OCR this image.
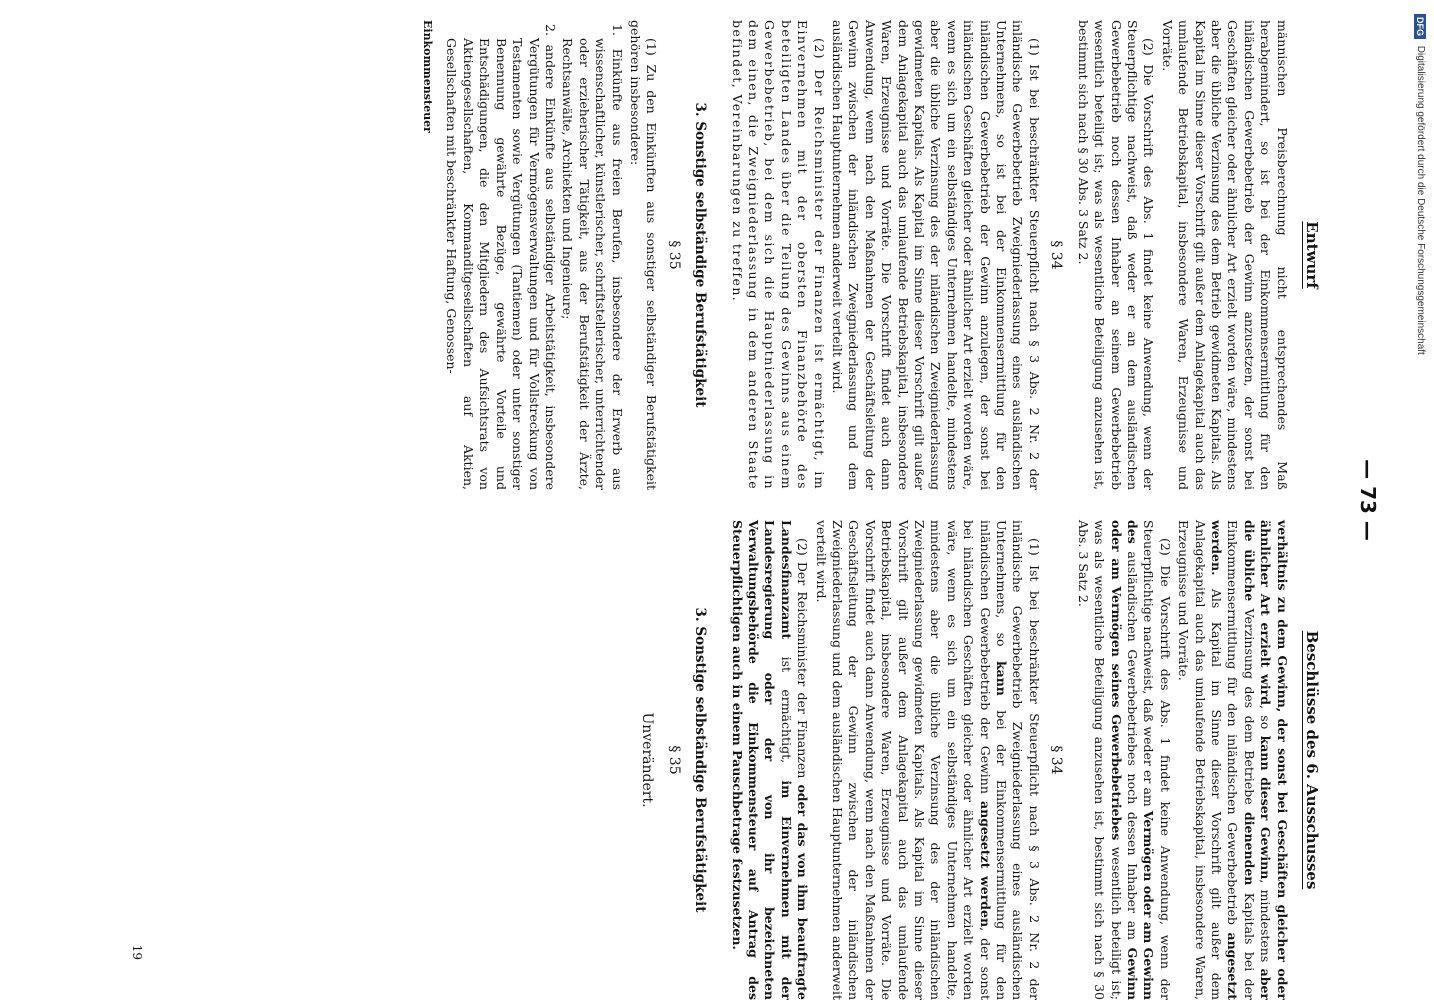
— 73 —
Entwurf

männischen Preisberechnung nicht entsprechendes Maß herabgemindert, so ist bei der Einkommensermittlung für den inländischen Gewerbebetrieb der Gewinn anzusetzen, der sonst bei Geschäften gleicher oder ähnlicher Art erzielt worden wäre, mindestens aber die übliche Verzinsung des dem Betrieb gewidmeten Kapitals. Als Kapital im Sinne dieser Vorschrift gilt außer dem Anlagekapital auch das umlaufende Betriebskapital, insbesondere Waren, Erzeugnisse und Vorräte.

(2) Die Vorschrift des Abs. 1 findet keine Anwendung, wenn der Steuerpflichtige nachweist, daß weder er an dem ausländischen Gewerbebetrieb noch dessen Inhaber an seinem Gewerbebetrieb wesentlich beteiligt ist; was als wesentliche Beteiligung anzusehen ist, bestimmt sich nach § 30 Abs. 3 Satz 2.

§ 34

(1) Ist bei beschränkter Steuerpflicht nach § 3 Abs. 2 Nr. 2 der inländische Gewerbebetrieb Zweigniederlassung eines ausländischen Unternehmens, so ist bei der Einkommensermittlung für den inländischen Gewerbebetrieb der Gewinn anzulegen, der sonst bei inländischen Geschäften gleicher oder ähnlicher Art erzielt worden wäre, wenn es sich um ein selbständiges Unternehmen handelte, mindestens aber die übliche Verzinsung des der inländischen Zweigniederlassung gewidmeten Kapitals. Als Kapital im Sinne dieser Vorschrift gilt außer dem Anlagekapital auch das umlaufende Betriebskapital, insbesondere Waren, Erzeugnisse und Vorräte. Die Vorschrift findet auch dann Anwendung, wenn nach den Maßnahmen der Geschäftsleitung der Gewinn zwischen der inländischen Zweigniederlassung und dem ausländischen Hauptunternehmen anderweit verteilt wird.

(2) Der Reichsminister der Finanzen ist ermächtigt, im Einvernehmen mit der obersten Finanzbehörde des beteiligten Landes über die Teilung des Gewinns aus einem Gewerbebetrieb, bei dem sich die Hauptniederlassung in dem einen, die Zweigniederlassung in dem anderen Staate befindet, Vereinbarungen zu treffen.

3. Sonstige selbständige Berufstätigkeit
§ 35

(1) Zu den Einkünften aus sonstiger selbständiger Berufstätigkeit gehören insbesondere:

1. Einkünfte aus freien Berufen, insbesondere der Erwerb aus wissenschaftlicher, künstlerischer, schriftstellerischer, unterrichtender oder erzieherischer Tätigkeit, aus der Berufstätigkeit der Ärzte, Rechtsanwälte, Architekten und Ingenieure;
2. andere Einkünfte aus selbständiger Arbeitstätigkeit, insbesondere Vergütungen für Vermögensverwaltungen und für Vollstreckung von Testamenten sowie Vergütungen (Tantiemen) oder unter sonstiger Benennung gewährte Bezüge, gewährte Vorteile und Entschädigungen, die den Mitgliedern des Aufsichtsrats von Aktiengesellschaften, Kommanditgesellschaften auf Aktien, Gesellschaften mit beschränkter Haftung, Genossen-
Einkommensteuer
Beschlüsse des 6. Ausschusses

verhältnis zu dem Gewinn, der sonst bei Geschäften gleicher oder ähnlicher Art erzielt wird, so kann dieser Gewinn, mindestens aber die übliche Verzinsung des dem Betriebe dienenden Kapitals bei der Einkommensermittlung für den inländischen Gewerbebetrieb angesetzt werden. Als Kapital im Sinne dieser Vorschrift gilt außer dem Anlagekapital auch das umlaufende Betriebskapital, insbesondere Waren, Erzeugnisse und Vorräte.

(2) Die Vorschrift des Abs. 1 findet keine Anwendung, wenn der Steuerpflichtige nachweist, daß weder er am Vermögen oder am Gewinn des ausländischen Gewerbebetriebes noch dessen Inhaber am Gewinn oder am Vermögen seines Gewerbebetriebes wesentlich beteiligt ist; was als wesentliche Beteiligung anzusehen ist, bestimmt sich nach § 30 Abs. 3 Satz 2.

§ 34

(1) Ist bei beschränkter Steuerpflicht nach § 3 Abs. 2 Nr. 2 der inländische Gewerbebetrieb Zweigniederlassung eines ausländischen Unternehmens, so kann bei der Einkommensermittlung für den inländischen Gewerbebetrieb der Gewinn angesetzt werden, der sonst bei inländischen Geschäften gleicher oder ähnlicher Art erzielt worden wäre, wenn es sich um ein selbständiges Unternehmen handelte, mindestens aber die übliche Verzinsung des der inländischen Zweigniederlassung gewidmeten Kapitals. Als Kapital im Sinne dieser Vorschrift gilt außer dem Anlagekapital auch das umlaufende Betriebskapital, insbesondere Waren, Erzeugnisse und Vorräte. Die Vorschrift findet auch dann Anwendung, wenn nach den Maßnahmen der Geschäftsleitung der Gewinn zwischen der inländischen Zweigniederlassung und dem ausländischen Hauptunternehmen anderweit verteilt wird.

(2) Der Reichsminister der Finanzen oder das von ihm beauftragte Landesfinanzamt ist ermächtigt, im Einvernehmen mit der Landesregierung oder der von ihr bezeichneten Verwaltungsbehörde die Einkommensteuer auf Antrag des Steuerpflichtigen auch in einem Pauschbetrage festzusetzen.

3. Sonstige selbständige Berufstätigkeit
§ 35
Unverändert.
19
DFG Digitalisierung gefördert durch die Deutsche Forschungsgemeinschaft
